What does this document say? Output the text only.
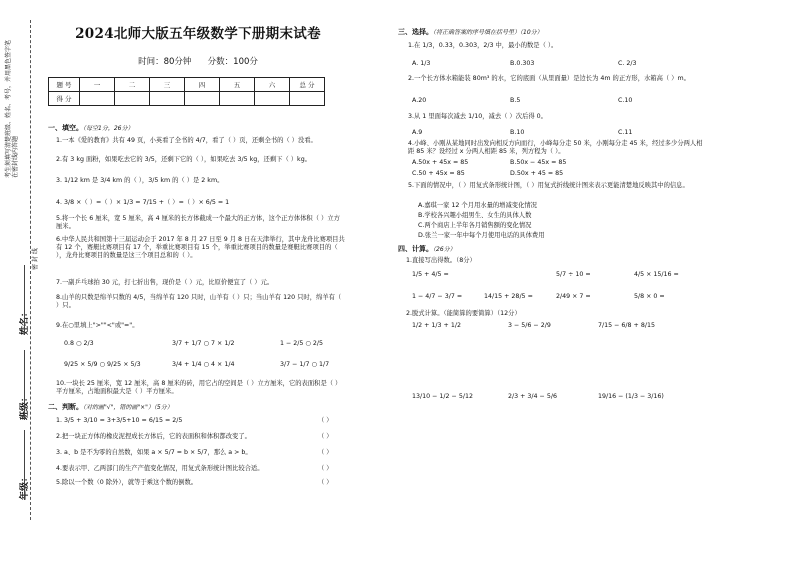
考生须填写清楚班级、姓名、考号，并用黑色签字笔在密封线内答题
密 封 线
姓名：
班级：
年级：
2024北师大版五年级数学下册期末试卷
时间：80分钟 分数：100分
题 号	一	二	三	四	五	六	总 分
得 分							
一、填空。（每空1分，26分）
1.一本《爱的教育》共有 49 页，小英看了全书的 4/7，看了（ ）页，还剩全书的（ ）没看。
2.有 3 kg 面粉，如果吃去它的 3/5，还剩下它的（ ），如果吃去 3/5 kg，还剩下（ ）kg。
3. 1/12 km 是 3/4 km 的（ ），3/5 km 的（ ）是 2 km。
4. 3/8 ×（ ）=（ ）× 1/3 = 7/15 +（ ）=（ ）× 6/5 = 1
5.将一个长 6 厘米，宽 5 厘米，高 4 厘米的长方体截成一个最大的正方体，这个正方体体积（ ）立方厘米。
6.中华人民共和国第十三届运动会于 2017 年 8 月 27 日至 9 月 8 日在天津举行，其中龙舟比赛项目共有 12 个，赛艇比赛项目有 17 个，举重比赛项目有 15 个，举重比赛项目的数量是赛艇比赛项目的（ ），龙舟比赛项目的数量是这三个项目总和的（ ）。
7.一副乒乓球拍 30 元，打七折出售，现价是（ ）元，比原价便宜了（ ）元。
8.山羊的只数是绵羊只数的 4/5，当绵羊有 120 只时，山羊有（ ）只；当山羊有 120 只时，绵羊有（ ）只。
9.在○里填上">""<"或"="。
0.8 ○ 2/3	3/7 + 1/7 ○ 7 × 1/2	1 − 2/5 ○ 2/5
9/25 × 5/9 ○ 9/25 × 5/3	3/4 + 1/4 ○ 4 × 1/4	3/7 − 1/7 ○ 1/7
10.一块长 25 厘米，宽 12 厘米，高 8 厘米的砖，用它占的空间是（ ）立方厘米，它的表面积是（ ）平方厘米，占地面积最大是（ ）平方厘米。
二、判断。（对的画"√"，错的画"×"）（5分）
1. 3/5 + 3/10 = 3+3/5+10 = 6/15 = 2/5	（ ）
2.把一块正方体的橡皮泥捏成长方体后，它的表面积和体积都改变了。	（ ）
3. a、b 是不为零的自然数，如果 a × 5/7 = b × 5/7，那么 a > b。	（ ）
4.要表示甲、乙两部门的生产产值变化情况，用复式条形统计图比较合适。	（ ）
5.除以一个数（0 除外），就等于乘这个数的倒数。	（ ）
三、选择。（将正确答案的序号填在括号里）（10分）
1.在 1/3，0.33，0.303，2/3 中，最小的数是（ ）。
A. 1/3	B.0.303	C. 2/3
2.一个长方体水箱能装 80m³ 的水，它的底面（从里面量）是边长为 4m 的正方形，水箱高（ ）m。
A.20	B.5	C.10
3.从 1 里面每次减去 1/10，减去（ ）次后得 0。
A.9	B.10	C.11
4.小峰、小刚从某地同时出发向相反方向而行，小峰每分走 50 米，小刚每分走 45 米，经过多少分两人相距 85 米？设经过 x 分两人相距 85 米，列方程为（ ）。
A.50x + 45x = 85	B.50x − 45x = 85
C.50 + 45x = 85	D.50x + 45 = 85
5.下面的情况中，（ ）用复式条形统计图，（ ）用复式折线统计图来表示更能清楚地反映其中的信息。
A.嘉琪一家 12 个月用水量的增减变化情况
B.学校各兴趣小组男生、女生的具体人数
C.两个商店上半年各月销售额的变化情况
D.张兰一家一年中每个月使用电话的具体费用
四、计算。（26分）
1.直接写出得数。（8分）
1/5 + 4/5 =	5/7 ÷ 10 =	4/5 × 15/16 =
1 − 4/7 − 3/7 =	14/15 + 28/5 =	2/49 × 7 =	5/8 × 0 =
2.脱式计算。（能简算的要简算）（12分）
1/2 + 1/3 + 1/2	3 − 5/6 − 2/9	7/15 − 6/8 + 8/15
13/10 − 1/2 − 5/12	2/3 + 3/4 − 5/6	19/16 − (1/3 − 3/16)
